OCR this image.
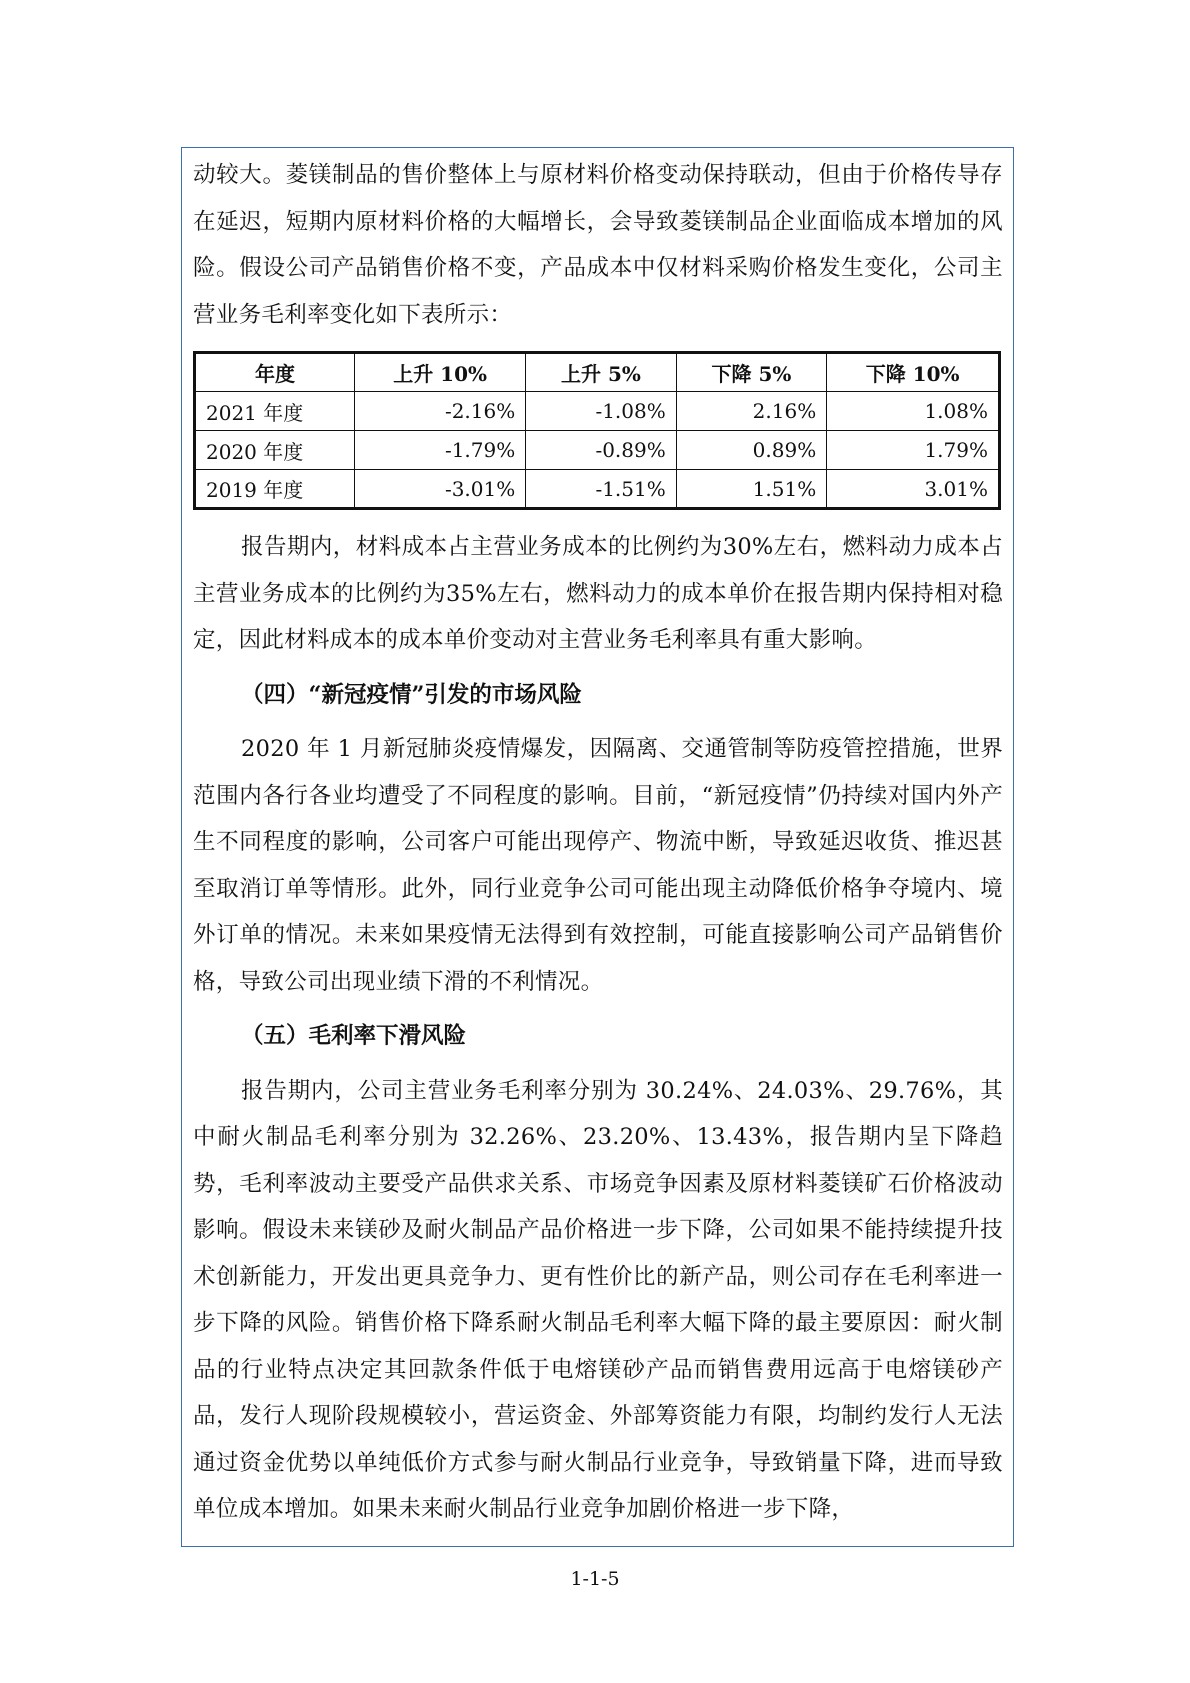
动较大。菱镁制品的售价整体上与原材料价格变动保持联动，但由于价格传导存在延迟，短期内原材料价格的大幅增长，会导致菱镁制品企业面临成本增加的风险。假设公司产品销售价格不变，产品成本中仅材料采购价格发生变化，公司主营业务毛利率变化如下表所示：

年度	上升 10%	上升 5%	下降 5%	下降 10%
2021 年度	-2.16%	-1.08%	2.16%	1.08%
2020 年度	-1.79%	-0.89%	0.89%	1.79%
2019 年度	-3.01%	-1.51%	1.51%	3.01%

报告期内，材料成本占主营业务成本的比例约为30%左右，燃料动力成本占主营业务成本的比例约为35%左右，燃料动力的成本单价在报告期内保持相对稳定，因此材料成本的成本单价变动对主营业务毛利率具有重大影响。

（四）“新冠疫情”引发的市场风险

2020 年 1 月新冠肺炎疫情爆发，因隔离、交通管制等防疫管控措施，世界范围内各行各业均遭受了不同程度的影响。目前，“新冠疫情”仍持续对国内外产生不同程度的影响，公司客户可能出现停产、物流中断，导致延迟收货、推迟甚至取消订单等情形。此外，同行业竞争公司可能出现主动降低价格争夺境内、境外订单的情况。未来如果疫情无法得到有效控制，可能直接影响公司产品销售价格，导致公司出现业绩下滑的不利情况。

（五）毛利率下滑风险

报告期内，公司主营业务毛利率分别为 30.24%、24.03%、29.76%，其中耐火制品毛利率分别为 32.26%、23.20%、13.43%，报告期内呈下降趋势，毛利率波动主要受产品供求关系、市场竞争因素及原材料菱镁矿石价格波动影响。假设未来镁砂及耐火制品产品价格进一步下降，公司如果不能持续提升技术创新能力，开发出更具竞争力、更有性价比的新产品，则公司存在毛利率进一步下降的风险。销售价格下降系耐火制品毛利率大幅下降的最主要原因：耐火制品的行业特点决定其回款条件低于电熔镁砂产品而销售费用远高于电熔镁砂产品，发行人现阶段规模较小，营运资金、外部筹资能力有限，均制约发行人无法通过资金优势以单纯低价方式参与耐火制品行业竞争，导致销量下降，进而导致单位成本增加。如果未来耐火制品行业竞争加剧价格进一步下降，

1-1-5
